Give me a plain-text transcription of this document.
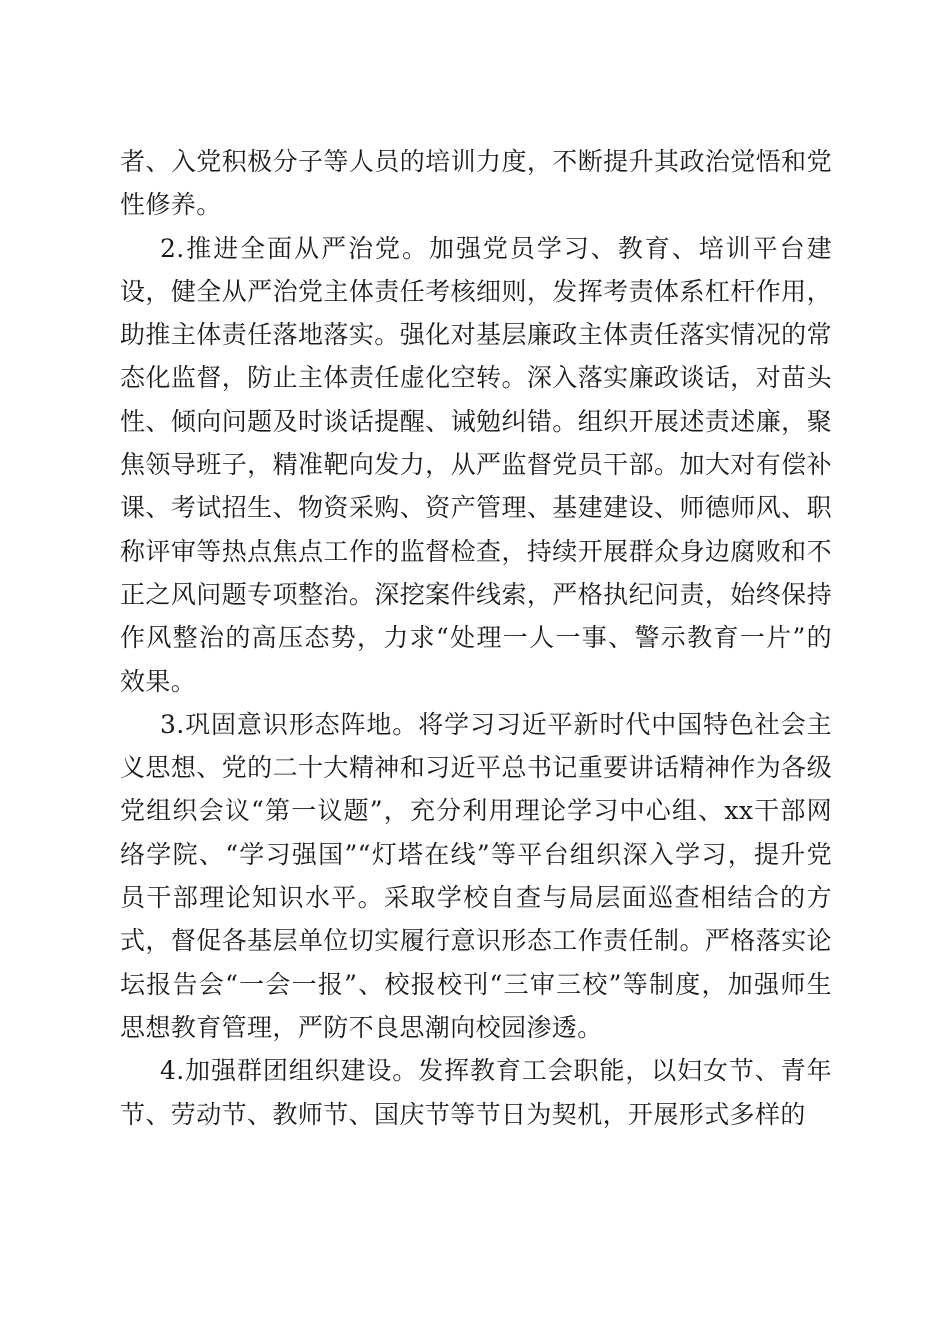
者、入党积极分子等人员的培训力度，不断提升其政治觉悟和党性修养。

2.推进全面从严治党。加强党员学习、教育、培训平台建设，健全从严治党主体责任考核细则，发挥考责体系杠杆作用，助推主体责任落地落实。强化对基层廉政主体责任落实情况的常态化监督，防止主体责任虚化空转。深入落实廉政谈话，对苗头性、倾向问题及时谈话提醒、诫勉纠错。组织开展述责述廉，聚焦领导班子，精准靶向发力，从严监督党员干部。加大对有偿补课、考试招生、物资采购、资产管理、基建建设、师德师风、职称评审等热点焦点工作的监督检查，持续开展群众身边腐败和不正之风问题专项整治。深挖案件线索，严格执纪问责，始终保持作风整治的高压态势，力求“处理一人一事、警示教育一片”的效果。

3.巩固意识形态阵地。将学习习近平新时代中国特色社会主义思想、党的二十大精神和习近平总书记重要讲话精神作为各级党组织会议“第一议题”，充分利用理论学习中心组、xx干部网络学院、“学习强国”“灯塔在线”等平台组织深入学习，提升党员干部理论知识水平。采取学校自查与局层面巡查相结合的方式，督促各基层单位切实履行意识形态工作责任制。严格落实论坛报告会“一会一报”、校报校刊“三审三校”等制度，加强师生思想教育管理，严防不良思潮向校园渗透。

4.加强群团组织建设。发挥教育工会职能，以妇女节、青年节、劳动节、教师节、国庆节等节日为契机，开展形式多样的
